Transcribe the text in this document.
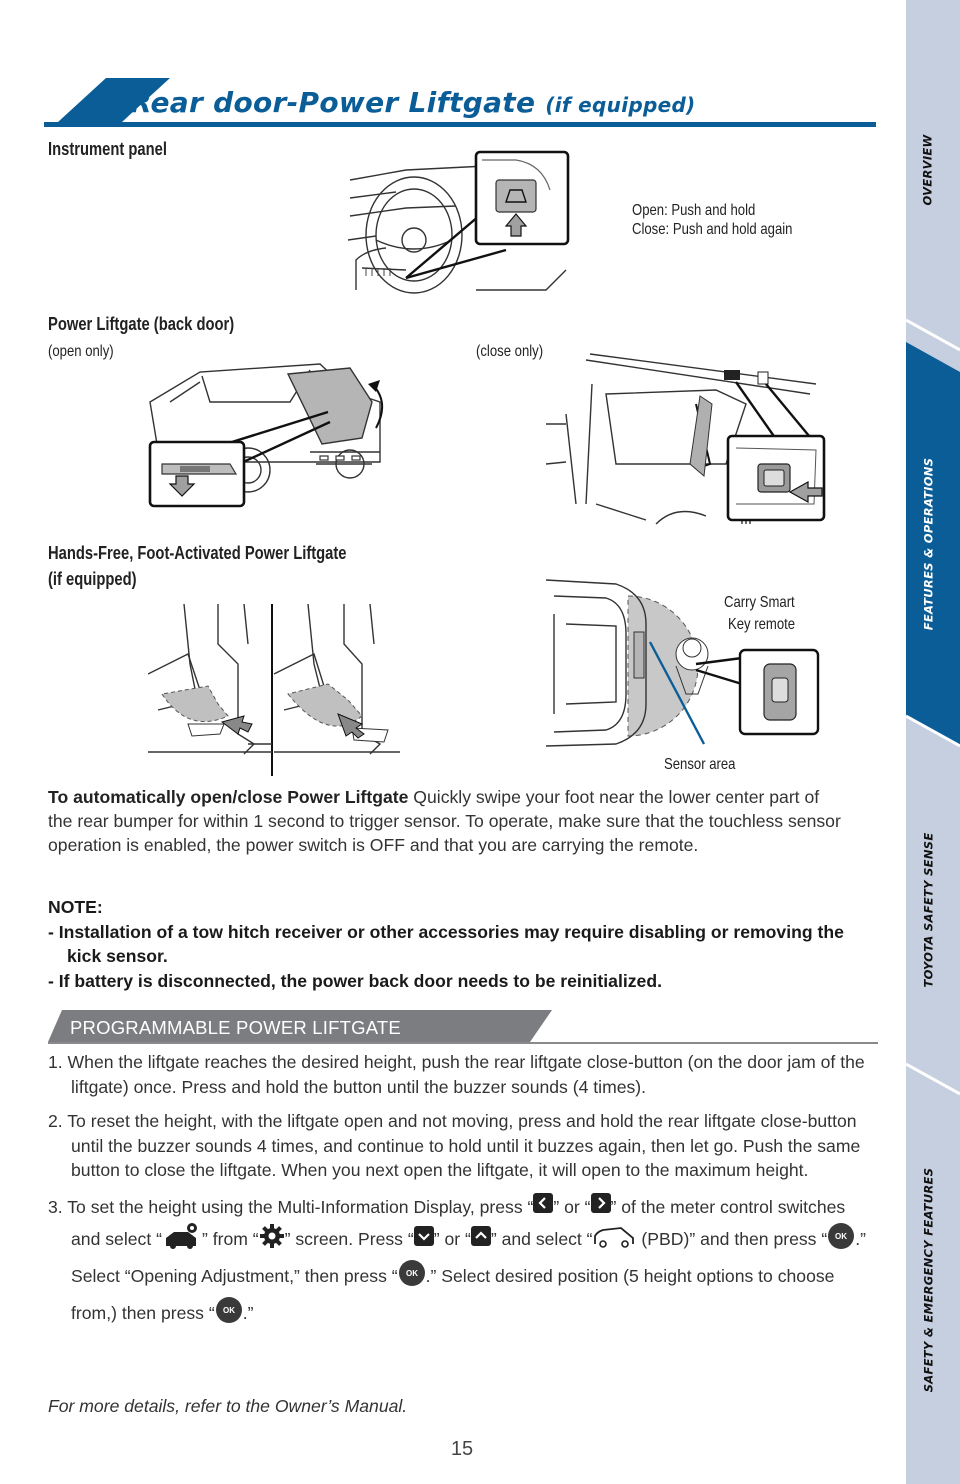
OVERVIEW
FEATURES & OPERATIONS
TOYOTA SAFETY SENSE
SAFETY & EMERGENCY FEATURES
Rear door-Power Liftgate (if equipped)
Instrument panel
Open: Push and hold
Close: Push and hold again
Power Liftgate (back door)
(open only)	(close only)
Hands-Free, Foot-Activated Power Liftgate
(if equipped)
Carry Smart
Key remote
Sensor area
To automatically open/close Power Liftgate Quickly swipe your foot near the lower center part of the rear bumper for within 1 second to trigger sensor. To operate, make sure that the touchless sensor operation is enabled, the power switch is OFF and that you are carrying the remote.
NOTE:
- Installation of a tow hitch receiver or other accessories may require disabling or removing the kick sensor.
- If battery is disconnected, the power back door needs to be reinitialized.
PROGRAMMABLE POWER LIFTGATE
1. When the liftgate reaches the desired height, push the rear liftgate close-button (on the door jam of the liftgate) once. Press and hold the button until the buzzer sounds (4 times).
2. To reset the height, with the liftgate open and not moving, press and hold the rear liftgate close-button until the buzzer sounds 4 times, and continue to hold until it buzzes again, then let go. Push the same button to close the liftgate. When you next open the liftgate, it will open to the maximum height.
3. To set the height using the Multi-Information Display, press “ ” or “ ” of the meter control switches and select “ ” from “ ” screen. Press “ ” or “ ” and select “	(PBD)” and then press “ OK .” Select “Opening Adjustment,” then press “ OK .” Select desired position (5 height options to choose from,) then press “ OK .”
For more details, refer to the Owner’s Manual.
15
